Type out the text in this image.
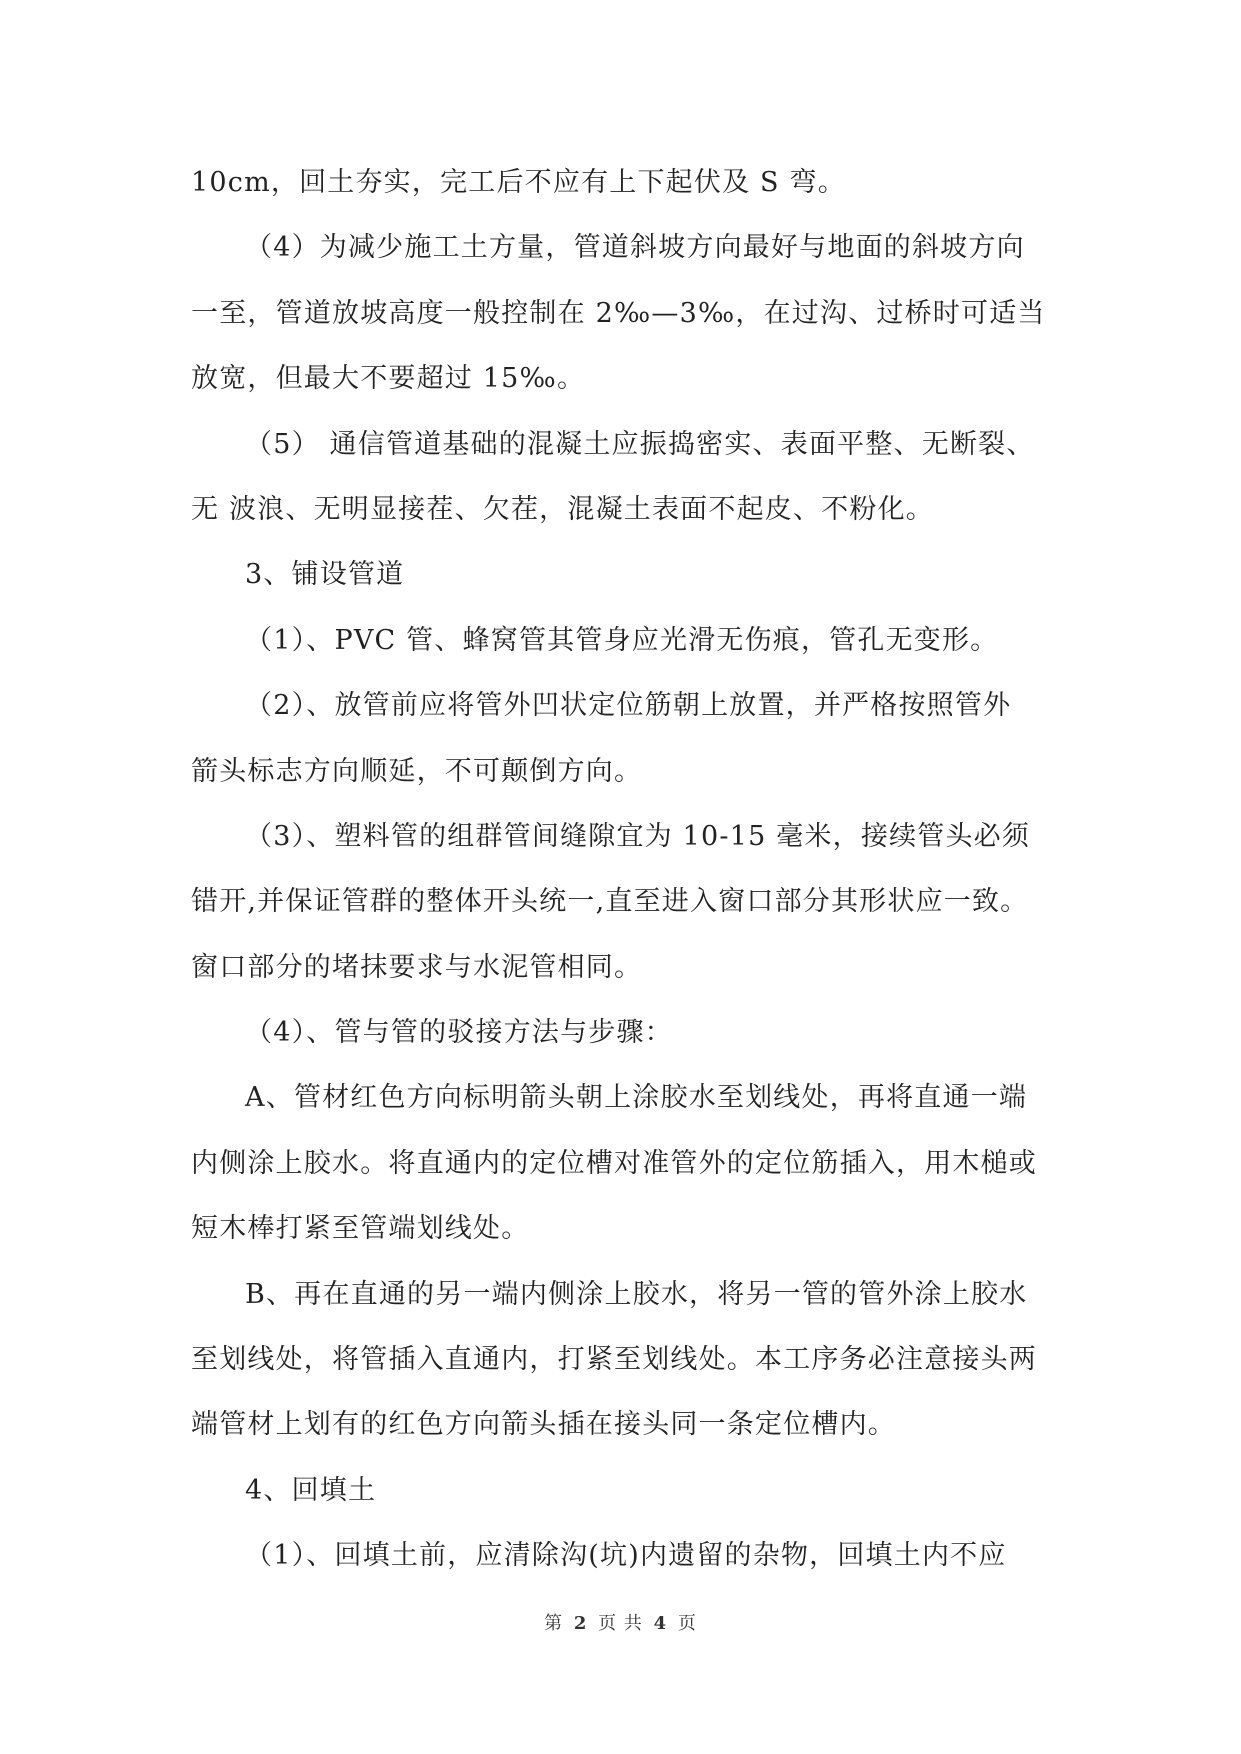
10cm，回土夯实，完工后不应有上下起伏及 S 弯。
（4）为减少施工土方量，管道斜坡方向最好与地面的斜坡方向
一至，管道放坡高度一般控制在 2‰—3‰，在过沟、过桥时可适当
放宽，但最大不要超过 15‰。
（5） 通信管道基础的混凝土应振捣密实、表面平整、无断裂、
无 波浪、无明显接茬、欠茬，混凝土表面不起皮、不粉化。
3、铺设管道
（1）、PVC 管、蜂窝管其管身应光滑无伤痕，管孔无变形。
（2）、放管前应将管外凹状定位筋朝上放置，并严格按照管外
箭头标志方向顺延，不可颠倒方向。
（3）、塑料管的组群管间缝隙宜为 10-15 毫米，接续管头必须
错开,并保证管群的整体开头统一,直至进入窗口部分其形状应一致。
窗口部分的堵抹要求与水泥管相同。
（4）、管与管的驳接方法与步骤：
A、管材红色方向标明箭头朝上涂胶水至划线处，再将直通一端
内侧涂上胶水。将直通内的定位槽对准管外的定位筋插入，用木槌或
短木棒打紧至管端划线处。
B、再在直通的另一端内侧涂上胶水，将另一管的管外涂上胶水
至划线处，将管插入直通内，打紧至划线处。本工序务必注意接头两
端管材上划有的红色方向箭头插在接头同一条定位槽内。
4、回填土
（1）、回填土前，应清除沟(坑)内遗留的杂物，回填土内不应
第 2 页 共 4 页
